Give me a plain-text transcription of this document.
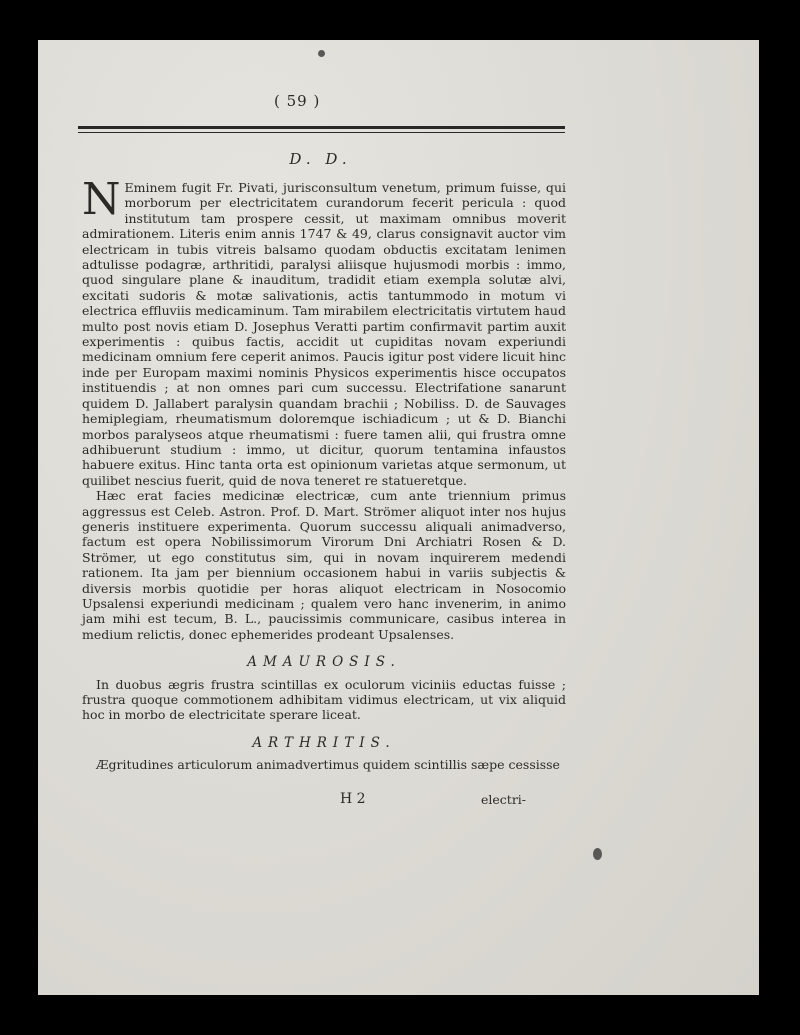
( 59 )
D. D.

N Eminem fugit Fr. Pivati, jurisconsultum venetum, primum fuisse, qui morborum per electricitatem curandorum fecerit pericula : quod institutum tam prospere cessit, ut maximam omnibus moverit admirationem. Literis enim annis 1747 & 49, clarus consignavit auctor vim electricam in tubis vitreis balsamo quodam obductis excitatam lenimen adtulisse podagræ, arthritidi, paralysi aliisque hujusmodi morbis : immo, quod singulare plane & inauditum, tradidit etiam exempla solutæ alvi, excitati sudoris & motæ salivationis, actis tantummodo in motum vi electrica effluviis medicaminum. Tam mirabilem electricitatis virtutem haud multo post novis etiam D. Josephus Veratti partim confirmavit partim auxit experimentis : quibus factis, accidit ut cupiditas novam experiundi medicinam omnium fere ceperit animos. Paucis igitur post videre licuit hinc inde per Europam maximi nominis Physicos experimentis hisce occupatos instituendis ; at non omnes pari cum successu. Electrifatione sanarunt quidem D. Jallabert paralysin quandam brachii ; Nobiliss. D. de Sauvages hemiplegiam, rheumatismum doloremque ischiadicum ; ut & D. Bianchi morbos paralyseos atque rheumatismi : fuere tamen alii, qui frustra omne adhibuerunt studium : immo, ut dicitur, quorum tentamina infaustos habuere exitus. Hinc tanta orta est opinionum varietas atque sermonum, ut quilibet nescius fuerit, quid de nova teneret re statueretque.

Hæc erat facies medicinæ electricæ, cum ante triennium primus aggressus est Celeb. Astron. Prof. D. Mart. Strömer aliquot inter nos hujus generis instituere experimenta. Quorum successu aliquali animadverso, factum est opera Nobilissimorum Virorum Dni Archiatri Rosen & D. Strömer, ut ego constitutus sim, qui in novam inquirerem medendi rationem. Ita jam per biennium occasionem habui in variis subjectis & diversis morbis quotidie per horas aliquot electricam in Nosocomio Upsalensi experiundi medicinam ; qualem vero hanc invenerim, in animo jam mihi est tecum, B. L., paucissimis communicare, casibus interea in medium relictis, donec ephemerides prodeant Upsalenses.

AMAUROSIS.

In duobus ægris frustra scintillas ex oculorum viciniis eductas fuisse ; frustra quoque commotionem adhibitam vidimus electricam, ut vix aliquid hoc in morbo de electricitate sperare liceat.

ARTHRITIS.

Ægritudines articulorum animadvertimus quidem scintillis sæpe cessisse

H 2	electri-
